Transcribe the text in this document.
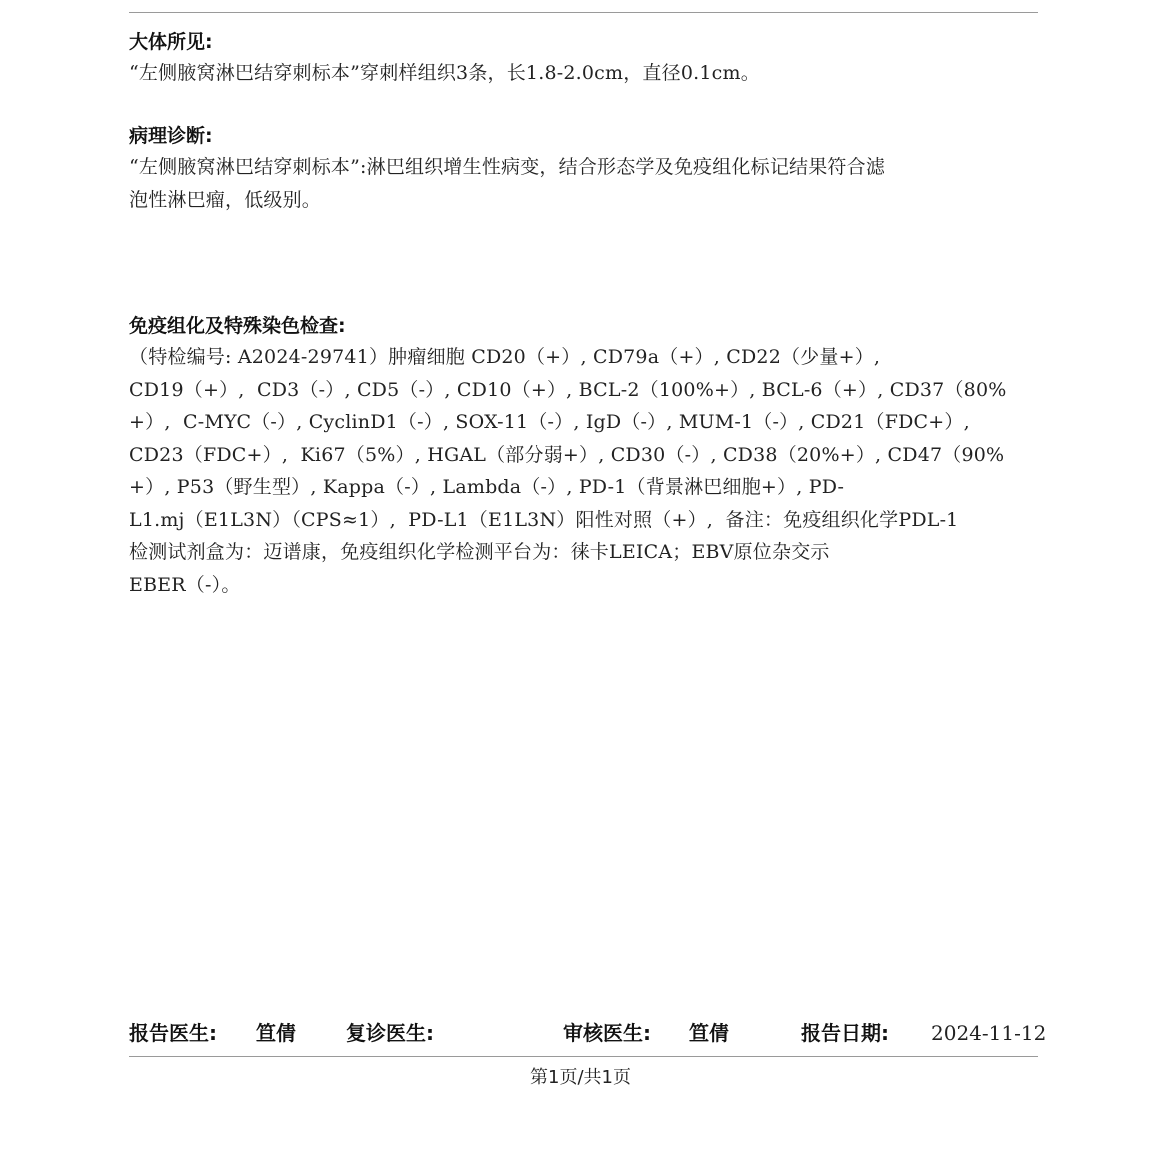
大体所见:
“左侧腋窝淋巴结穿刺标本”穿刺样组织3条，长1.8-2.0cm，直径0.1cm。
病理诊断:
“左侧腋窝淋巴结穿刺标本”:淋巴组织增生性病变，结合形态学及免疫组化标记结果符合滤
泡性淋巴瘤，低级别。
免疫组化及特殊染色检查:
（特检编号: A2024-29741）肿瘤细胞 CD20（+）, CD79a（+）, CD22（少量+）,
CD19（+）,  CD3（-）, CD5（-）, CD10（+）, BCL-2（100%+）, BCL-6（+）, CD37（80%
+）,  C-MYC（-）, CyclinD1（-）, SOX-11（-）, IgD（-）, MUM-1（-）, CD21（FDC+）,
CD23（FDC+）,  Ki67（5%）, HGAL（部分弱+）, CD30（-）, CD38（20%+）, CD47（90%
+）, P53（野生型）, Kappa（-）, Lambda（-）, PD-1（背景淋巴细胞+）, PD-
L1.mj（E1L3N）（CPS≈1）,  PD-L1（E1L3N）阳性对照（+）,  备注：免疫组织化学PDL-1
检测试剂盒为：迈谱康，免疫组织化学检测平台为：徕卡LEICA；EBV原位杂交示
EBER（-）。
报告医生: 笪倩	复诊医生:	审核医生: 笪倩	报告日期: 2024-11-12
第1页/共1页
